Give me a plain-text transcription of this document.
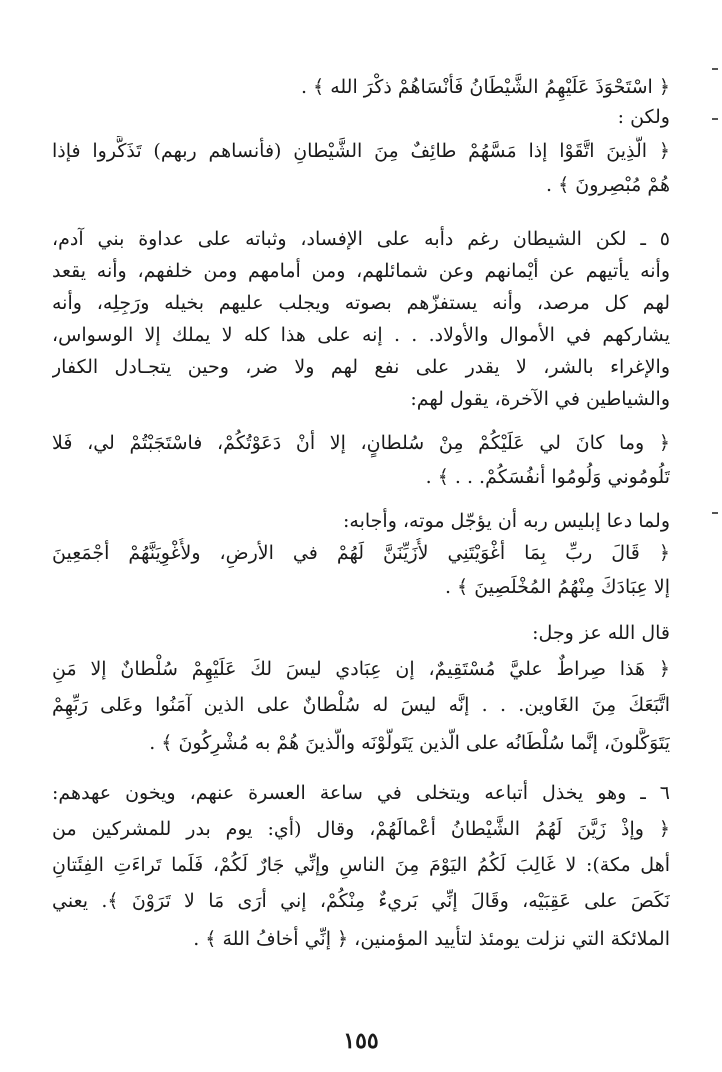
﴿ اسْتَحْوَذَ عَلَيْهِمُ الشَّيْطَانُ فَأنْسَاهُمْ ذكْرَ الله ﴾ .
ولكن :
﴿ الَّذِينَ اتَّقَوْا إذا مَسَّهُمْ طائِفٌ مِنَ الشَّيْطانِ (فأنساهم ربهم) تَذَكَّروا فإذا
هُمْ مُبْصِرونَ ﴾ .
٥ ـ لكن الشيطان رغم دأبه على الإفساد، وثباته على عداوة بني آدم،
وأنه يأتيهم عن أيْمانهم وعن شمائلهم، ومن أمامهم ومن خلفهم، وأنه يقعد
لهم كل مرصد، وأنه يستفزّهم بصوته ويجلب عليهم بخيله ورَجِلِه، وأنه
يشاركهم في الأموال والأولاد. . . إنه على هذا كله لا يملك إلا الوسواس،
والإغراء بالشر، لا يقدر على نفع لهم ولا ضر، وحين يتجـادل الكفار
والشياطين في الآخرة، يقول لهم:
﴿ وما كانَ لي عَلَيْكُمْ مِنْ سُلطانٍ، إلا أنْ دَعَوْتُكُمْ، فاسْتَجَبْتُمْ لي، فَلا
تَلُومُوني وَلُومُوا أنفُسَكُمْ. . . ﴾ .
ولما دعا إبليس ربه أن يؤجّل موته، وأجابه:
﴿ قَالَ ربِّ بِمَا أغْوَيْتَنِي لأُزَيِّنَنَّ لَهُمْ في الأرضِ، ولأُغْوِيَنَّهُمْ أجْمَعِينَ
إلا عِبَادَكَ مِنْهُمُ المُخْلَصِينَ ﴾ .
قال الله عز وجل:
﴿ هَذا صِراطٌ عليَّ مُسْتَقِيمٌ، إن عِبَادي ليسَ لكَ عَلَيْهِمْ سُلْطانٌ إلا مَنِ
اتَّبَعَكَ مِنَ الغَاوين. . . إنَّه ليسَ له سُلْطانٌ على الذين آمَنُوا وعَلى رَبِّهِمْ
يَتَوَكَّلونَ، إنَّما سُلْطَانُه على الَّذين يَتَولَّوْنَه والَّذينَ هُمْ به مُشْرِكُونَ ﴾ .
٦ ـ وهو يخذل أتباعه ويتخلى في ساعة العسرة عنهم، ويخون عهدهم:
﴿ وإذْ زَيَّنَ لَهُمُ الشَّيْطانُ أعْمالَهُمْ، وقال (أي: يوم بدر للمشركين من
أهل مكة): لا غَالِبَ لَكُمُ اليَوْمَ مِنَ الناسِ وإنِّي جَارٌ لَكُمْ، فَلَما تَراءَتِ الفِئَتانِ
نَكَصَ على عَقِبَيْه، وقَالَ إنِّي بَريءٌ مِنْكُمْ، إني أرَى مَا لا تَرَوْنَ ﴾. يعني
الملائكة التي نزلت يومئذ لتأييد المؤمنين، ﴿ إنِّي أخافُ اللهَ ﴾ .
١٥٥
